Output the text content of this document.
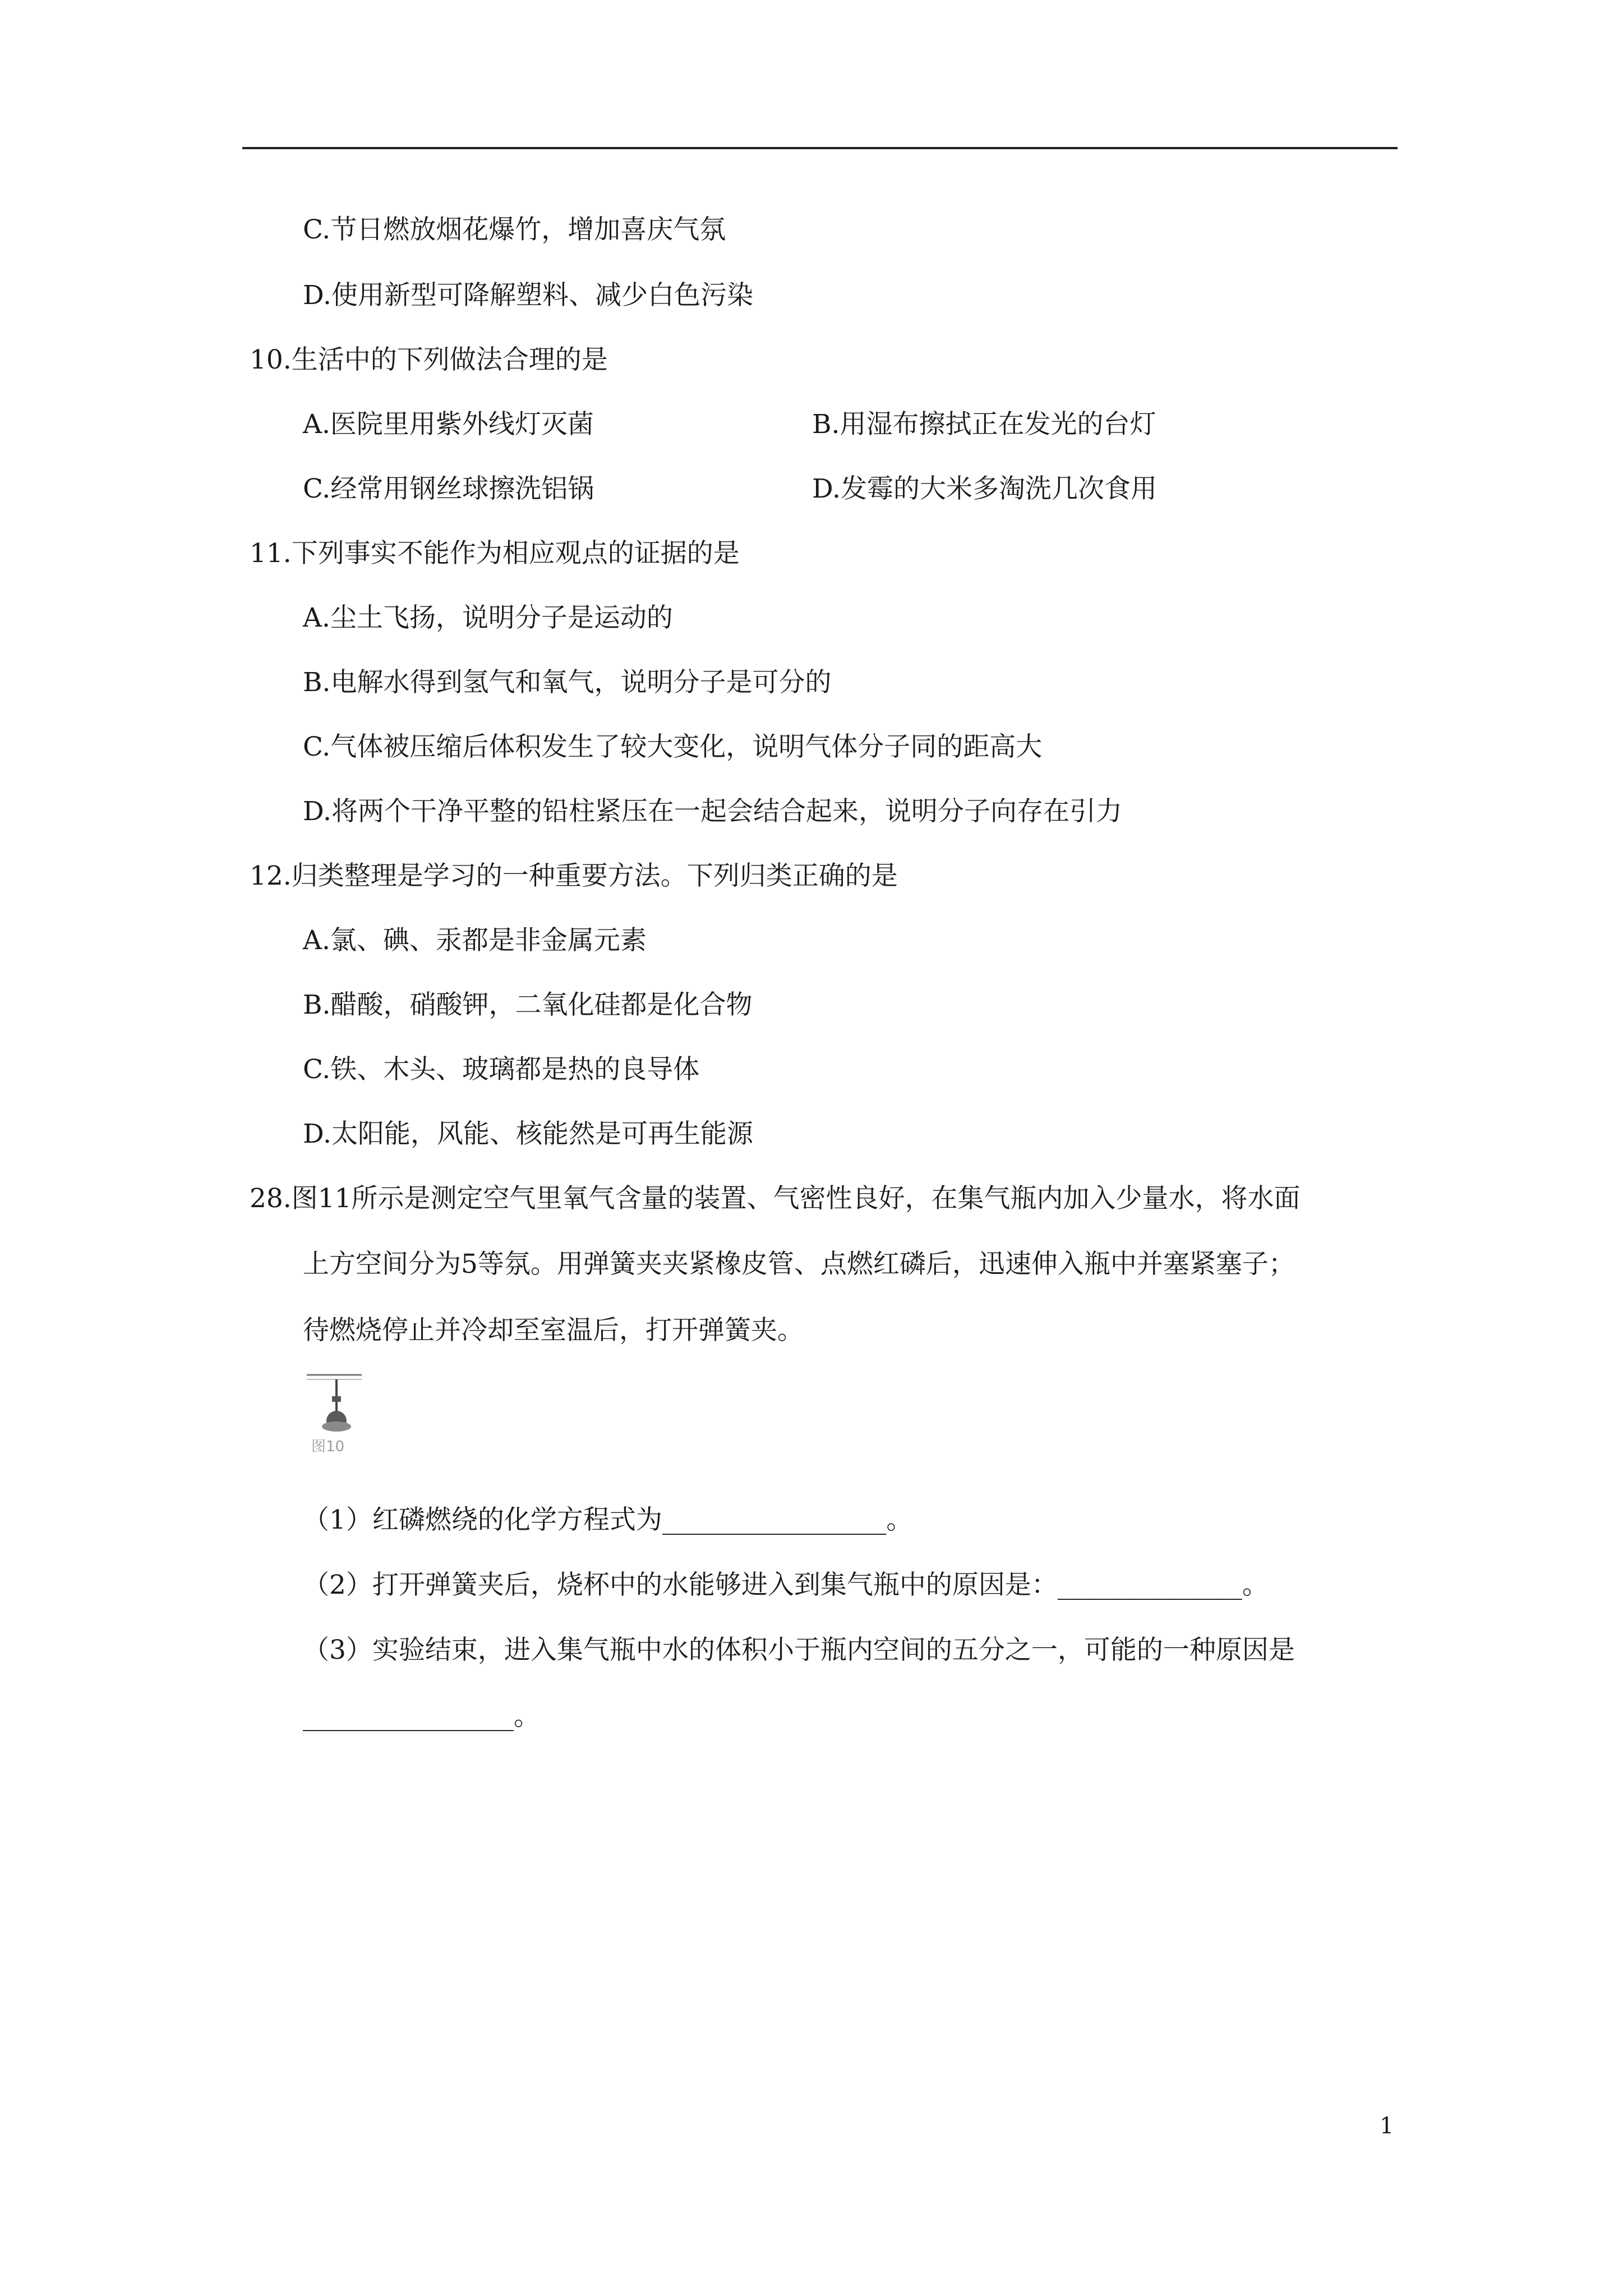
C.节日燃放烟花爆竹，增加喜庆气氛
D.使用新型可降解塑料、减少白色污染
10.生活中的下列做法合理的是
A.医院里用紫外线灯灭菌	B.用湿布擦拭正在发光的台灯
C.经常用钢丝球擦洗铝锅	D.发霉的大米多淘洗几次食用
11.下列事实不能作为相应观点的证据的是
A.尘土飞扬，说明分子是运动的
B.电解水得到氢气和氧气，说明分子是可分的
C.气体被压缩后体积发生了较大变化，说明气体分子同的距高大
D.将两个干净平整的铅柱紧压在一起会结合起来，说明分子向存在引力
12.归类整理是学习的一种重要方法。下列归类正确的是
A.氯、碘、汞都是非金属元素
B.醋酸，硝酸钾，二氧化硅都是化合物
C.铁、木头、玻璃都是热的良导体
D.太阳能，风能、核能然是可再生能源
28.图11所示是测定空气里氧气含量的装置、气密性良好，在集气瓶内加入少量水，将水面
上方空间分为5等氛。用弹簧夹夹紧橡皮管、点燃红磷后，迅速伸入瓶中并塞紧塞子；
待燃烧停止并冷却至室温后，打开弹簧夹。
图10
（1）红磷燃绕的化学方程式为_________________。
（2）打开弹簧夹后，烧杯中的水能够进入到集气瓶中的原因是：______________。
（3）实验结束，进入集气瓶中水的体积小于瓶内空间的五分之一，可能的一种原因是
________________。
1
